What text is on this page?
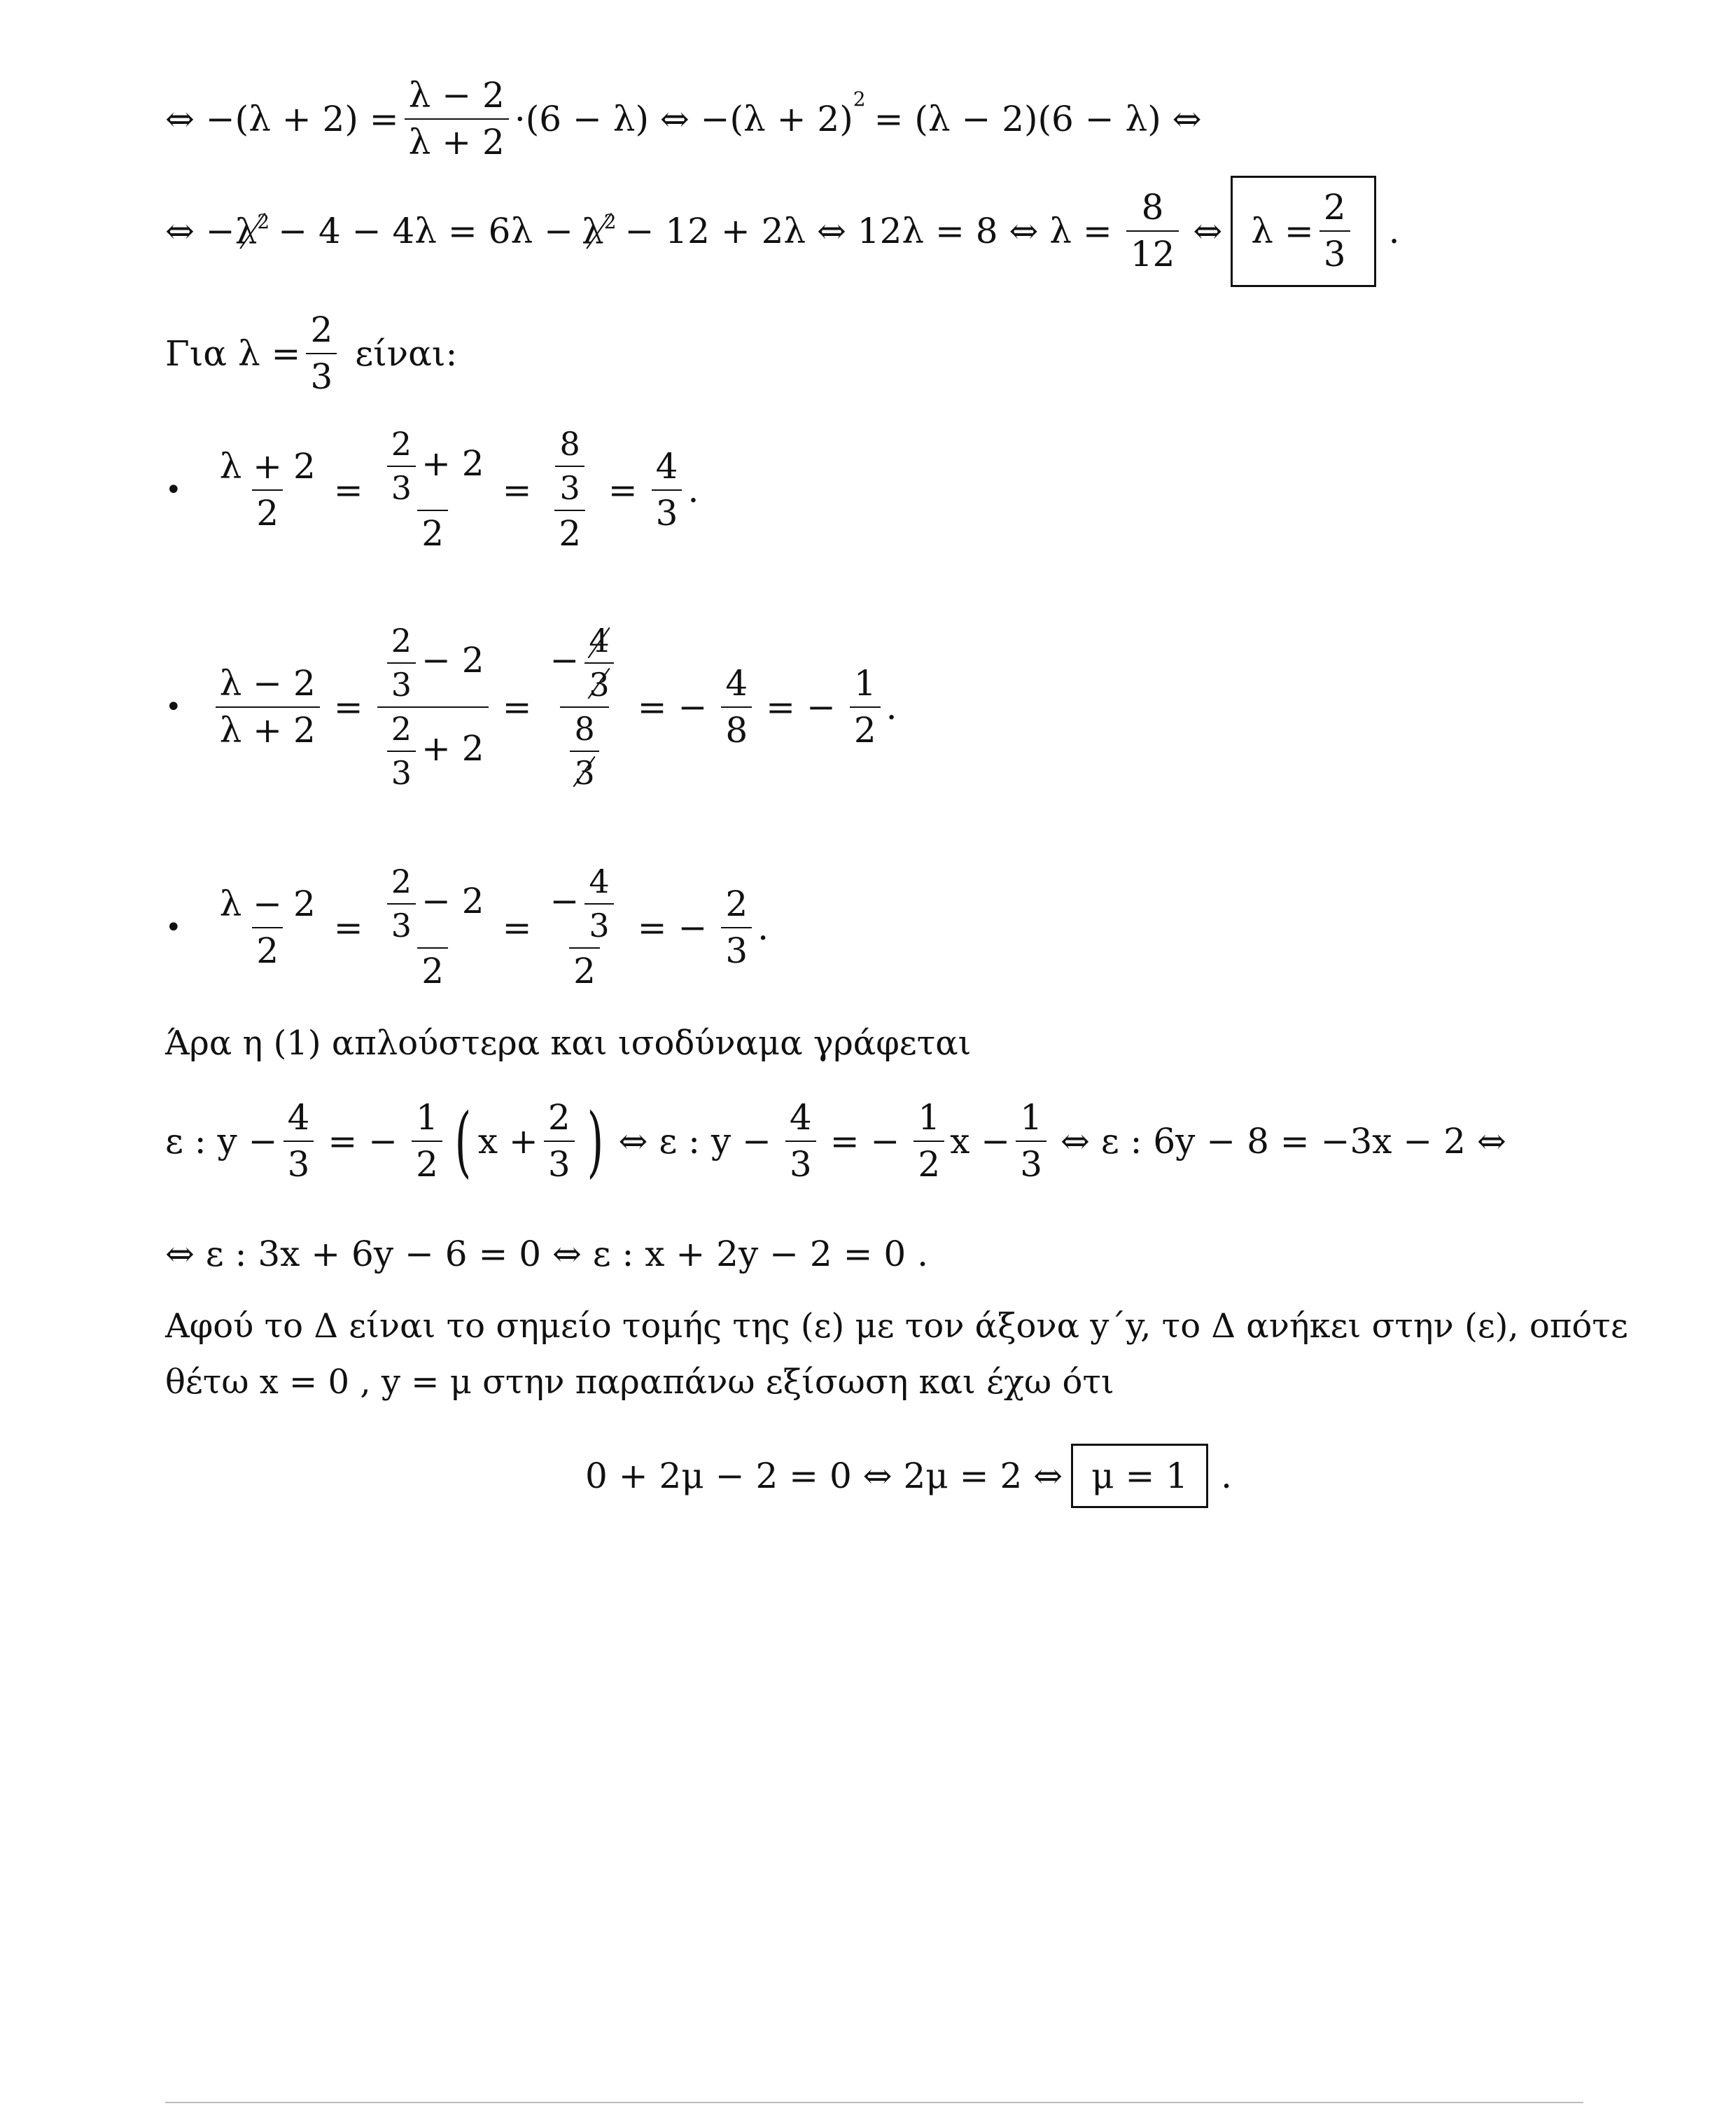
⇔ $-(\lambda + 2) = \frac{\lambda - 2}{\lambda + 2} \cdot(6 - \lambda)$ ⇔ $-(\lambda + 2)^2 = (\lambda - 2)(6 - \lambda)$ ⇔
⇔ − $\lambda^2 - 4 - 4\lambda = 6\lambda - \lambda^2 - 12 + 2\lambda$ ⇔ 12λ = 8 ⇔ $\lambda = \frac{8}{12}$ ⇔ $\lambda = \frac{2}{3}$ .
Για $\lambda = \frac{2}{3} \varepsilon ί\nu\alpha\iota$:
• $\frac{\lambda + 2}{2} = \frac{\frac{2}{3} + 2}{2} = \frac{\frac{8}{3}}{2} = \frac{4}{3}$ .
• $\frac{\lambda - 2}{\lambda + 2} = \frac{\frac{2}{3} - 2}{\frac{2}{3} + 2} = \frac{- \frac{4}{3}}{\frac{8}{3}}$ = − $\frac{4}{8}$ = − $\frac{1}{2}$ .
• $\frac{\lambda - 2}{2} = \frac{\frac{2}{3} - 2}{2} = \frac{- \frac{4}{3}}{2}$ = − $\frac{2}{3}$ .
Άρα η (1) απλούστερα και ισοδύναμα γράφεται
ε : $y - \frac{4}{3}$ = − $\frac{1}{2}$ ( $x + \frac{2}{3}$ ) ⇔ ε : $y - \frac{4}{3}$ = − $\frac{1}{2}$ $x - \frac{1}{3}$ ⇔ ε : 6y − 8 = −3x − 2 ⇔
⇔ ε : 3x + 6y − 6 = 0 ⇔ ε : x + 2y − 2 = 0 .
Αφού το Δ είναι το σημείο τομής της (ε) με τον άξονα y΄y, το Δ ανήκει στην (ε), οπότε
θέτω x = 0 , y = μ στην παραπάνω εξίσωση και έχω ότι
0 + 2μ − 2 = 0 ⇔ 2μ = 2 ⇔ μ = 1 .
